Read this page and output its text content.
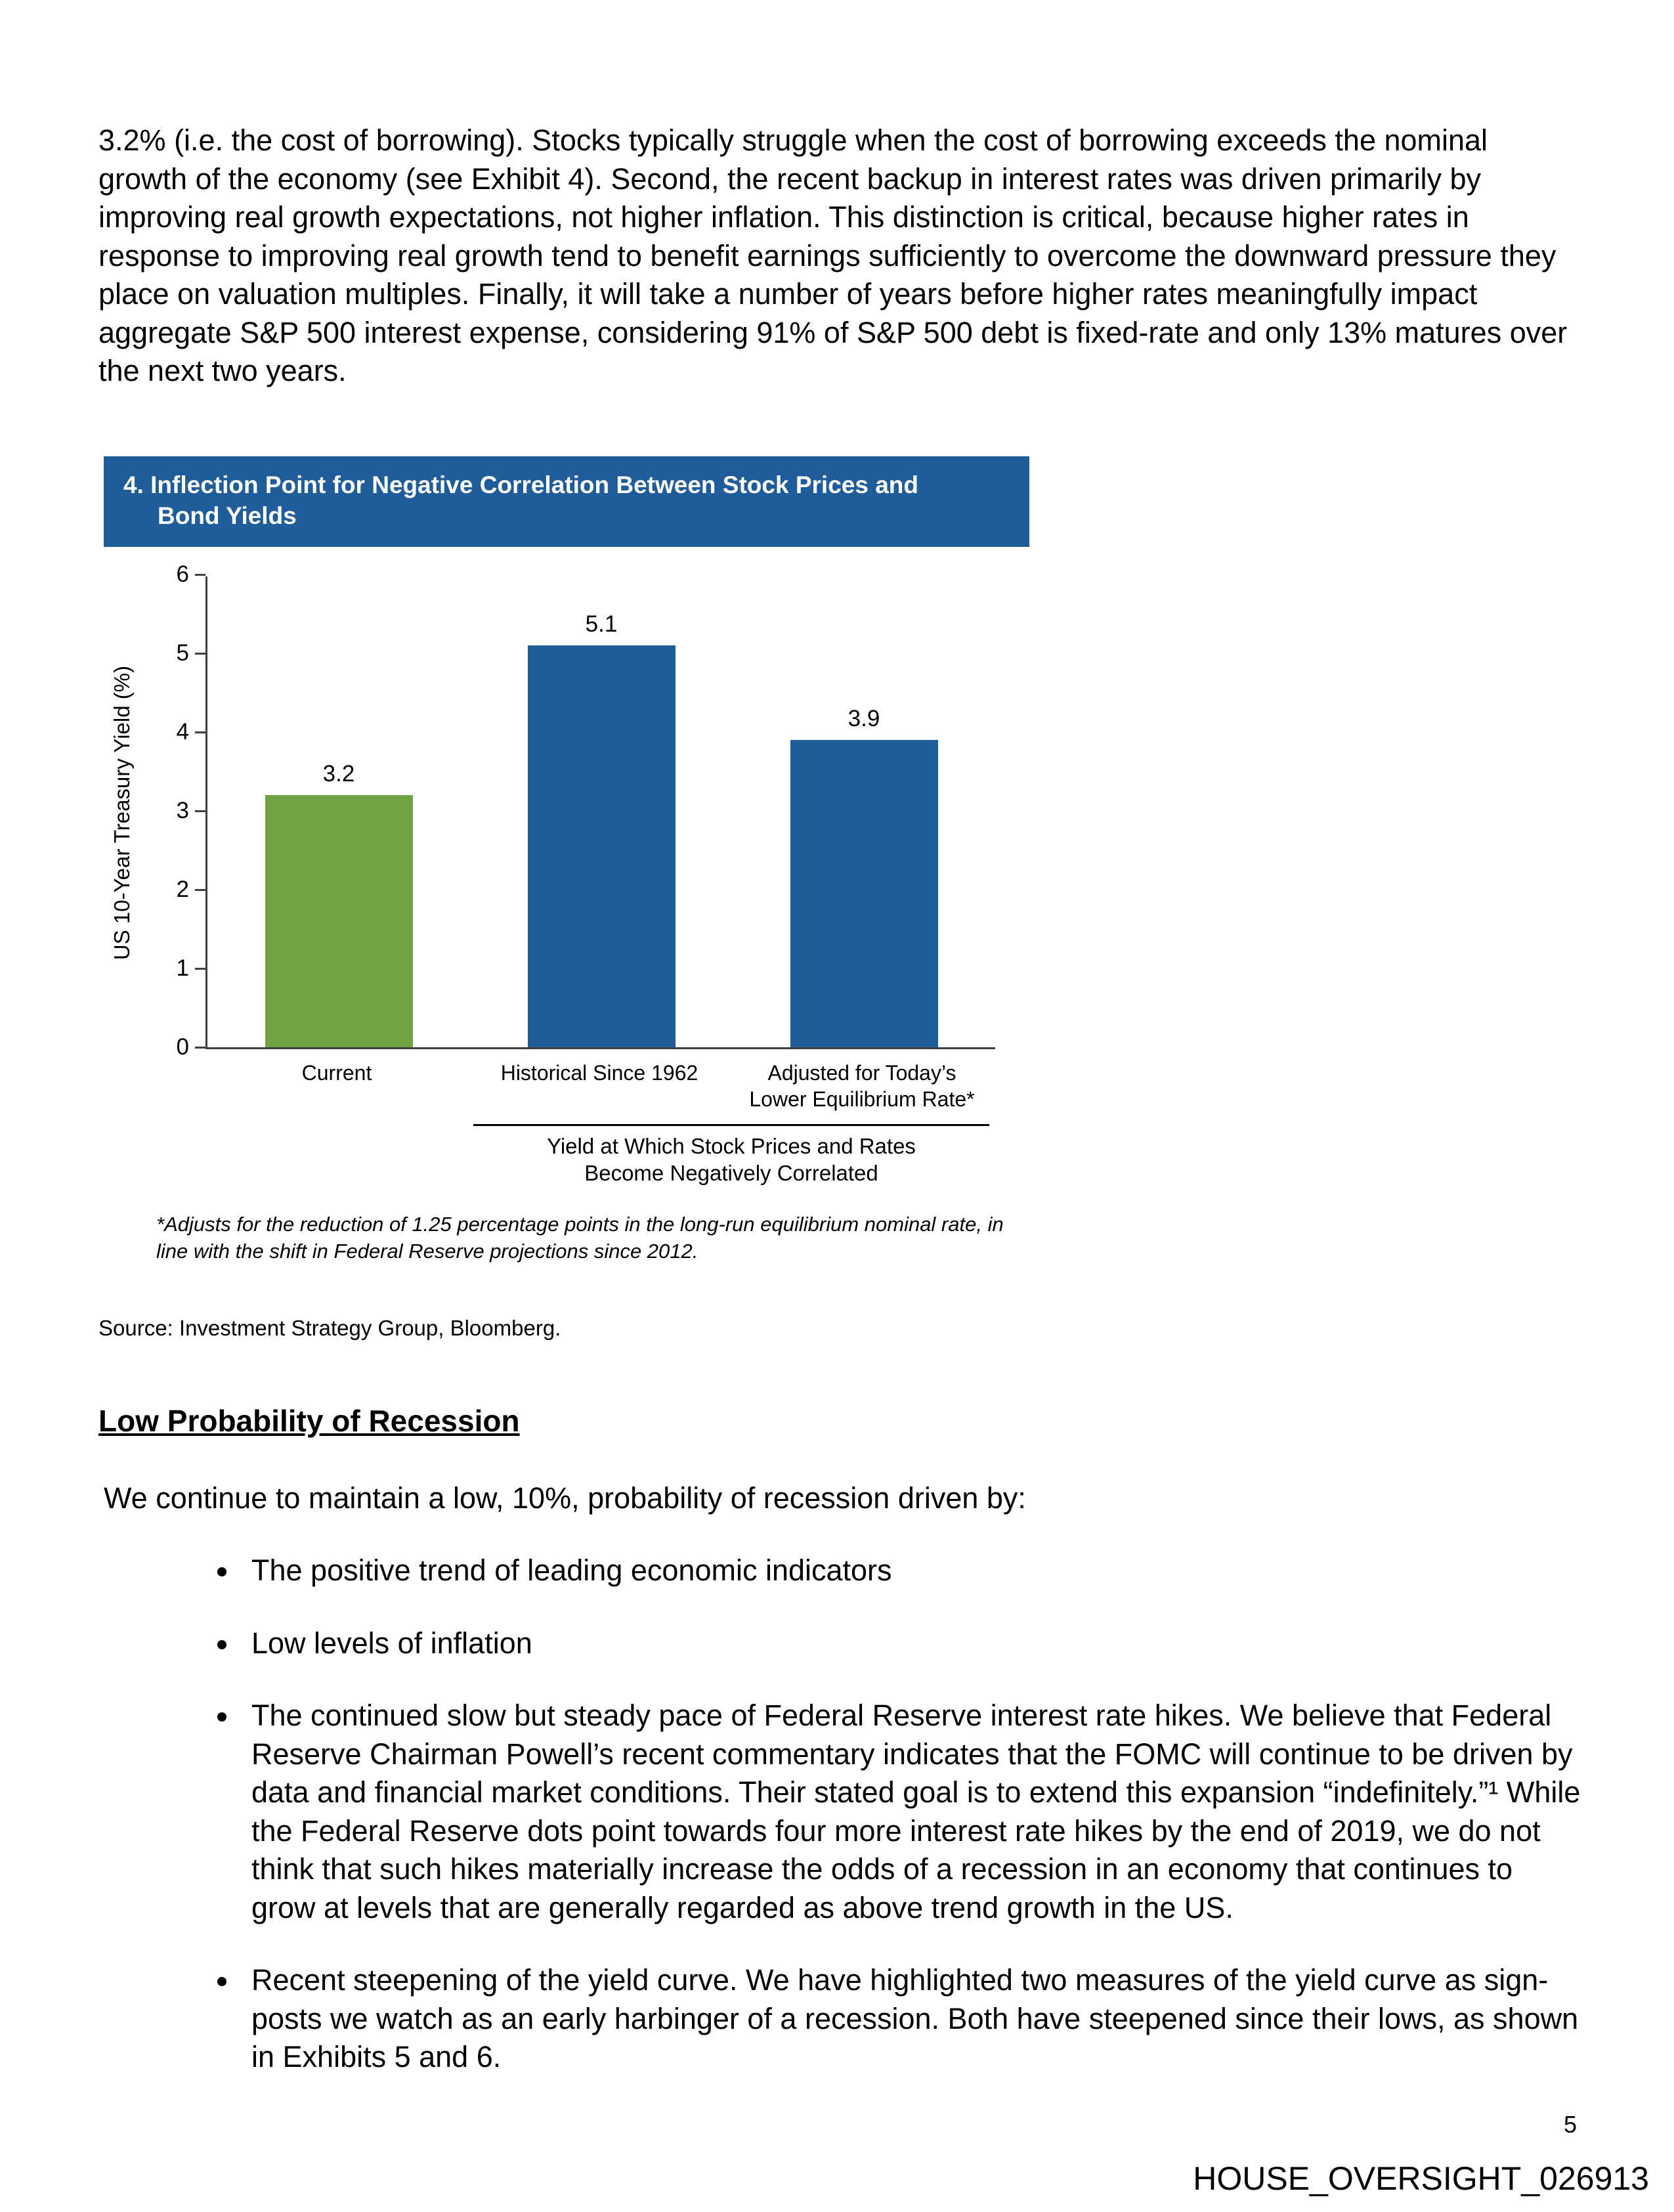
3.2% (i.e. the cost of borrowing). Stocks typically struggle when the cost of borrowing exceeds the nominal growth of the economy (see Exhibit 4). Second, the recent backup in interest rates was driven primarily by improving real growth expectations, not higher inflation. This distinction is critical, because higher rates in response to improving real growth tend to benefit earnings sufficiently to overcome the downward pressure they place on valuation multiples. Finally, it will take a number of years before higher rates meaningfully impact aggregate S&P 500 interest expense, considering 91% of S&P 500 debt is fixed-rate and only 13% matures over the next two years.

4. Inflection Point for Negative Correlation Between Stock Prices and Bond Yields
US 10-Year Treasury Yield (%)
0
1
2
3
4
5
6
3.2
5.1
3.9
Current	Historical Since 1962	Adjusted for Today’s Lower Equilibrium Rate*
Yield at Which Stock Prices and Rates Become Negatively Correlated

*Adjusts for the reduction of 1.25 percentage points in the long-run equilibrium nominal rate, in line with the shift in Federal Reserve projections since 2012.

Source: Investment Strategy Group, Bloomberg.

Low Probability of Recession

We continue to maintain a low, 10%, probability of recession driven by:

• The positive trend of leading economic indicators
• Low levels of inflation
• The continued slow but steady pace of Federal Reserve interest rate hikes. We believe that Federal Reserve Chairman Powell’s recent commentary indicates that the FOMC will continue to be driven by data and financial market conditions. Their stated goal is to extend this expansion “indefinitely.”¹ While the Federal Reserve dots point towards four more interest rate hikes by the end of 2019, we do not think that such hikes materially increase the odds of a recession in an economy that continues to grow at levels that are generally regarded as above trend growth in the US.
• Recent steepening of the yield curve. We have highlighted two measures of the yield curve as sign-posts we watch as an early harbinger of a recession. Both have steepened since their lows, as shown in Exhibits 5 and 6.
5
HOUSE_OVERSIGHT_026913
